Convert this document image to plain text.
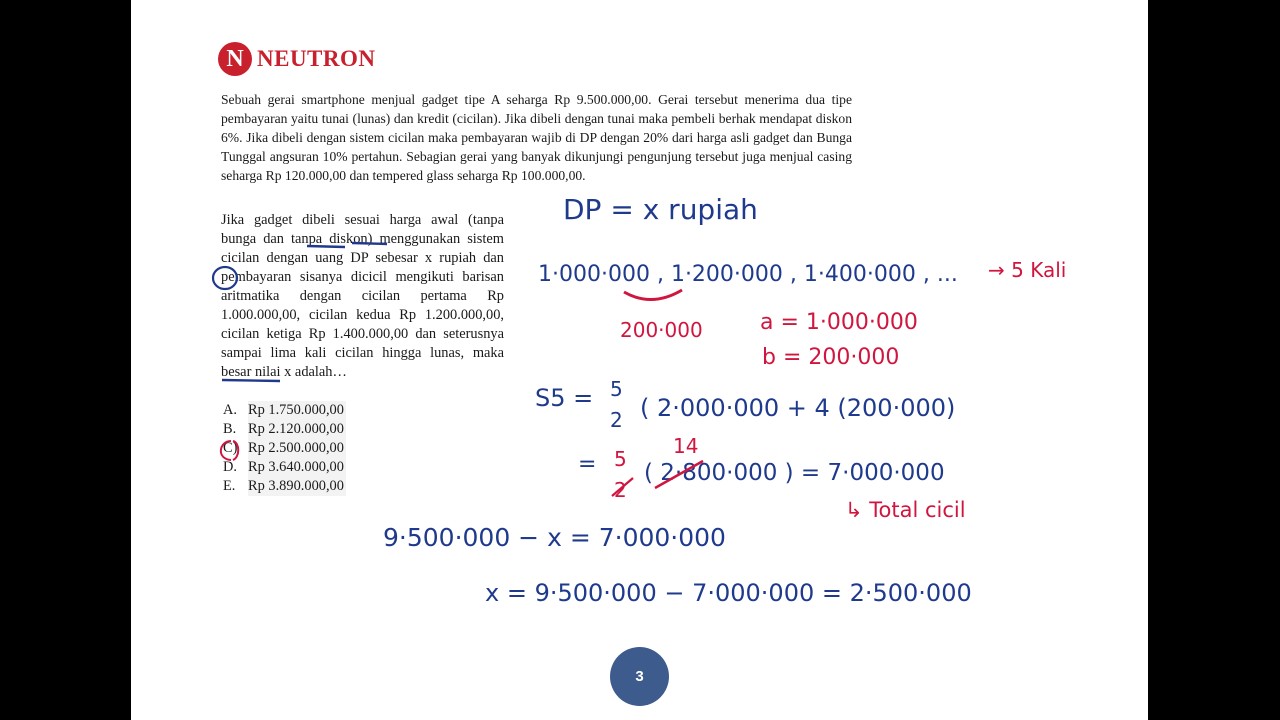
N NEUTRON
Sebuah gerai smartphone menjual gadget tipe A seharga Rp 9.500.000,00. Gerai tersebut menerima dua tipe pembayaran yaitu tunai (lunas) dan kredit (cicilan). Jika dibeli dengan tunai maka pembeli berhak mendapat diskon 6%. Jika dibeli dengan sistem cicilan maka pembayaran wajib di DP dengan 20% dari harga asli gadget dan Bunga Tunggal angsuran 10% pertahun. Sebagian gerai yang banyak dikunjungi pengunjung tersebut juga menjual casing seharga Rp 120.000,00 dan tempered glass seharga Rp 100.000,00.
Jika gadget dibeli sesuai harga awal (tanpa bunga dan tanpa diskon) menggunakan sistem cicilan dengan uang DP sebesar x rupiah dan pembayaran sisanya dicicil mengikuti barisan aritmatika dengan cicilan pertama Rp 1.000.000,00, cicilan kedua Rp 1.200.000,00, cicilan ketiga Rp 1.400.000,00 dan seterusnya sampai lima kali cicilan hingga lunas, maka besar nilai x adalah…
A. Rp 1.750.000,00
B. Rp 2.120.000,00
C) Rp 2.500.000,00
D. Rp 3.640.000,00
E. Rp 3.890.000,00
DP = x rupiah
1·000·000 , 1·200·000 , 1·400·000 , ... → 5 Kali
200·000	a = 1·000·000
b = 200·000
S5 = 5
2 ( 2·000·000 + 4 (200·000)
= 5
2
14
( 2·800·000 ) = 7·000·000
↳ Total cicil
9·500·000 − x = 7·000·000
x = 9·500·000 − 7·000·000 = 2·500·000
3
